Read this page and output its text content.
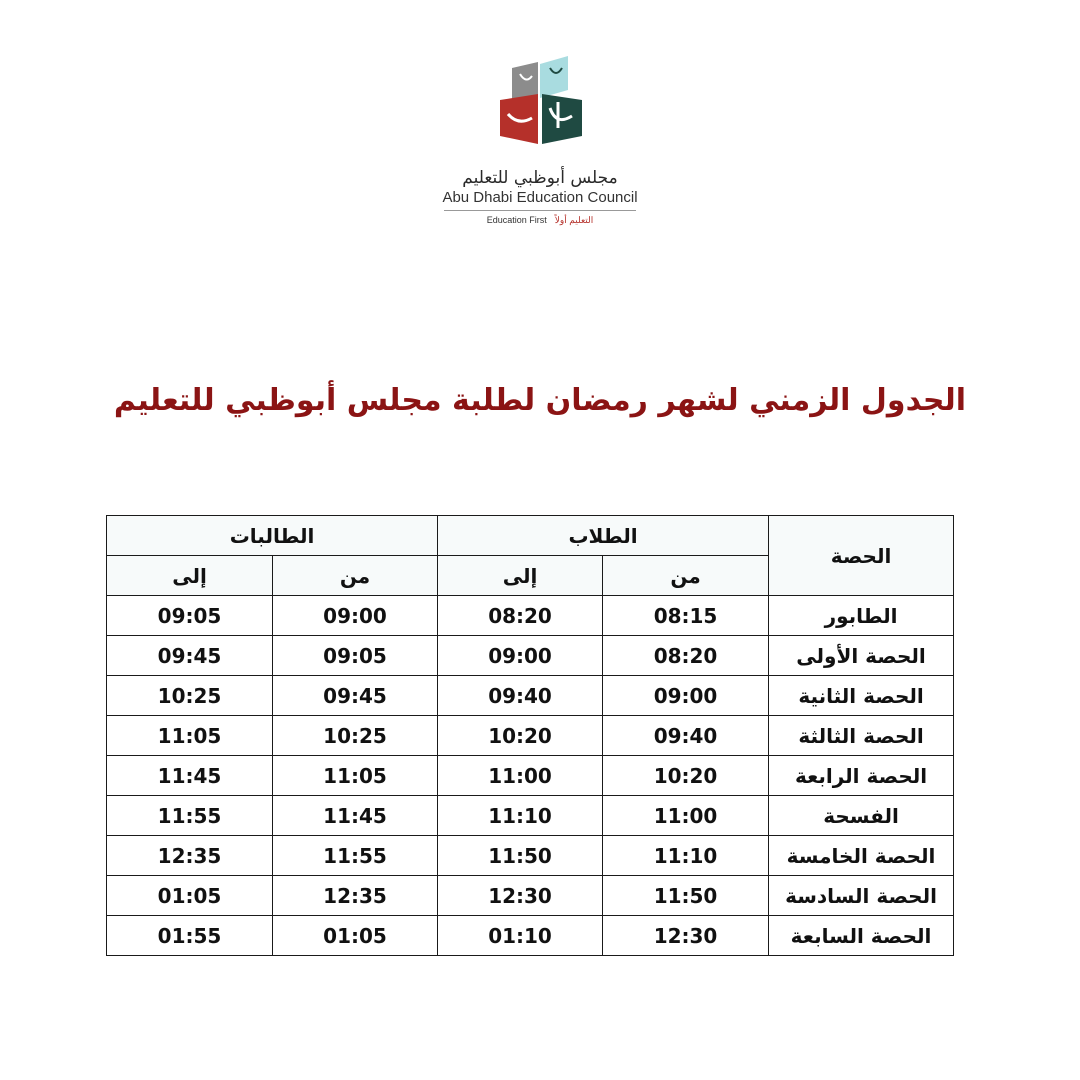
مجلس أبوظبي للتعليم
Abu Dhabi Education Council
Education First التعليم أولاً
الجدول الزمني لشهر رمضان لطلبة مجلس أبوظبي للتعليم
الحصة	الطلاب		الطالبات	
	من	إلى	من	إلى
الطابور	08:15	08:20	09:00	09:05
الحصة الأولى	08:20	09:00	09:05	09:45
الحصة الثانية	09:00	09:40	09:45	10:25
الحصة الثالثة	09:40	10:20	10:25	11:05
الحصة الرابعة	10:20	11:00	11:05	11:45
الفسحة	11:00	11:10	11:45	11:55
الحصة الخامسة	11:10	11:50	11:55	12:35
الحصة السادسة	11:50	12:30	12:35	01:05
الحصة السابعة	12:30	01:10	01:05	01:55
